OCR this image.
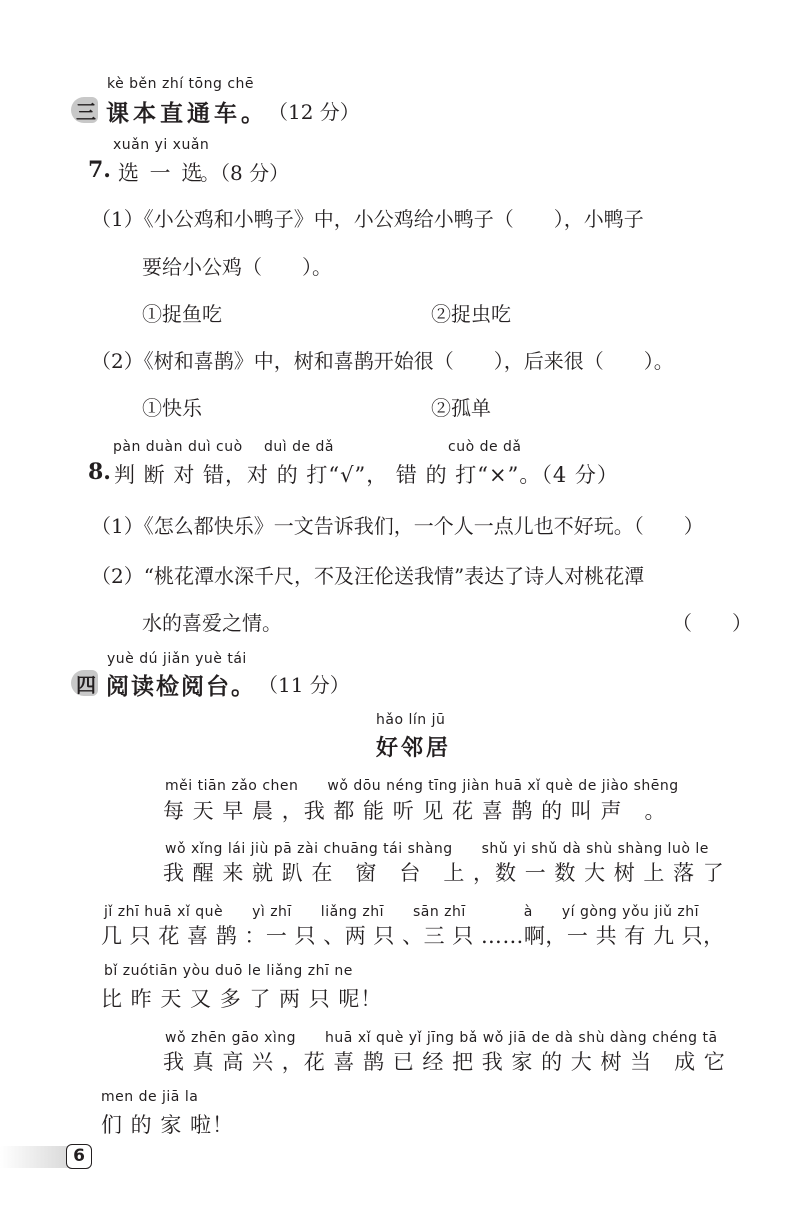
kè běn zhí tōng chē
三 课本直通车。 （12 分）
xuǎn yi xuǎn
7. 选 一 选
。（8 分）
（1）《小公鸡和小鸭子》中，小公鸡给小鸭子（　　），小鸭子
要给小公鸡（　　）。
①捉鱼吃	②捉虫吃
（2）《树和喜鹊》中，树和喜鹊开始很（　　），后来很（　　）。
①快乐	②孤单
pàn duàn duì cuò duì de dǎ	cuò de dǎ
8. 判 断 对 错，对 的 打“√”， 错 的 打“×”。（4 分）
（1）《怎么都快乐》一文告诉我们，一个人一点儿也不好玩。（　　）
（2）“桃花潭水深千尺，不及汪伦送我情”表达了诗人对桃花潭
水的喜爱之情。	（　　）
yuè dú jiǎn yuè tái
四 阅读检阅台。 （11 分）
hǎo lín jū
好邻居
měi tiān zǎo chen　　wǒ dōu néng tīng jiàn huā xǐ què de jiào shēng
每 天 早 晨 ，我 都 能 听 见 花 喜 鹊 的 叫 声　。
wǒ xǐng lái jiù pā zài chuāng tái shàng　　shǔ yi shǔ dà shù shàng luò le
我 醒 来 就 趴 在　窗　台　上 ，数 一 数 大 树 上 落 了
jǐ zhī huā xǐ què　　yì zhī　　liǎng zhī　　sān zhī　　　　à　　yí gòng yǒu jiǔ zhī
几 只 花 喜 鹊 ：一 只 、两 只 、三 只 ……啊，一 共 有 九 只，
bǐ zuótiān yòu duō le liǎng zhī ne
比 昨 天 又 多 了 两 只 呢！
wǒ zhēn gāo xìng　　huā xǐ què yǐ jīng bǎ wǒ jiā de dà shù dàng chéng tā
我 真 高 兴 ，花 喜 鹊 已 经 把 我 家 的 大 树 当　成 它
men de jiā la
们 的 家 啦！
6
